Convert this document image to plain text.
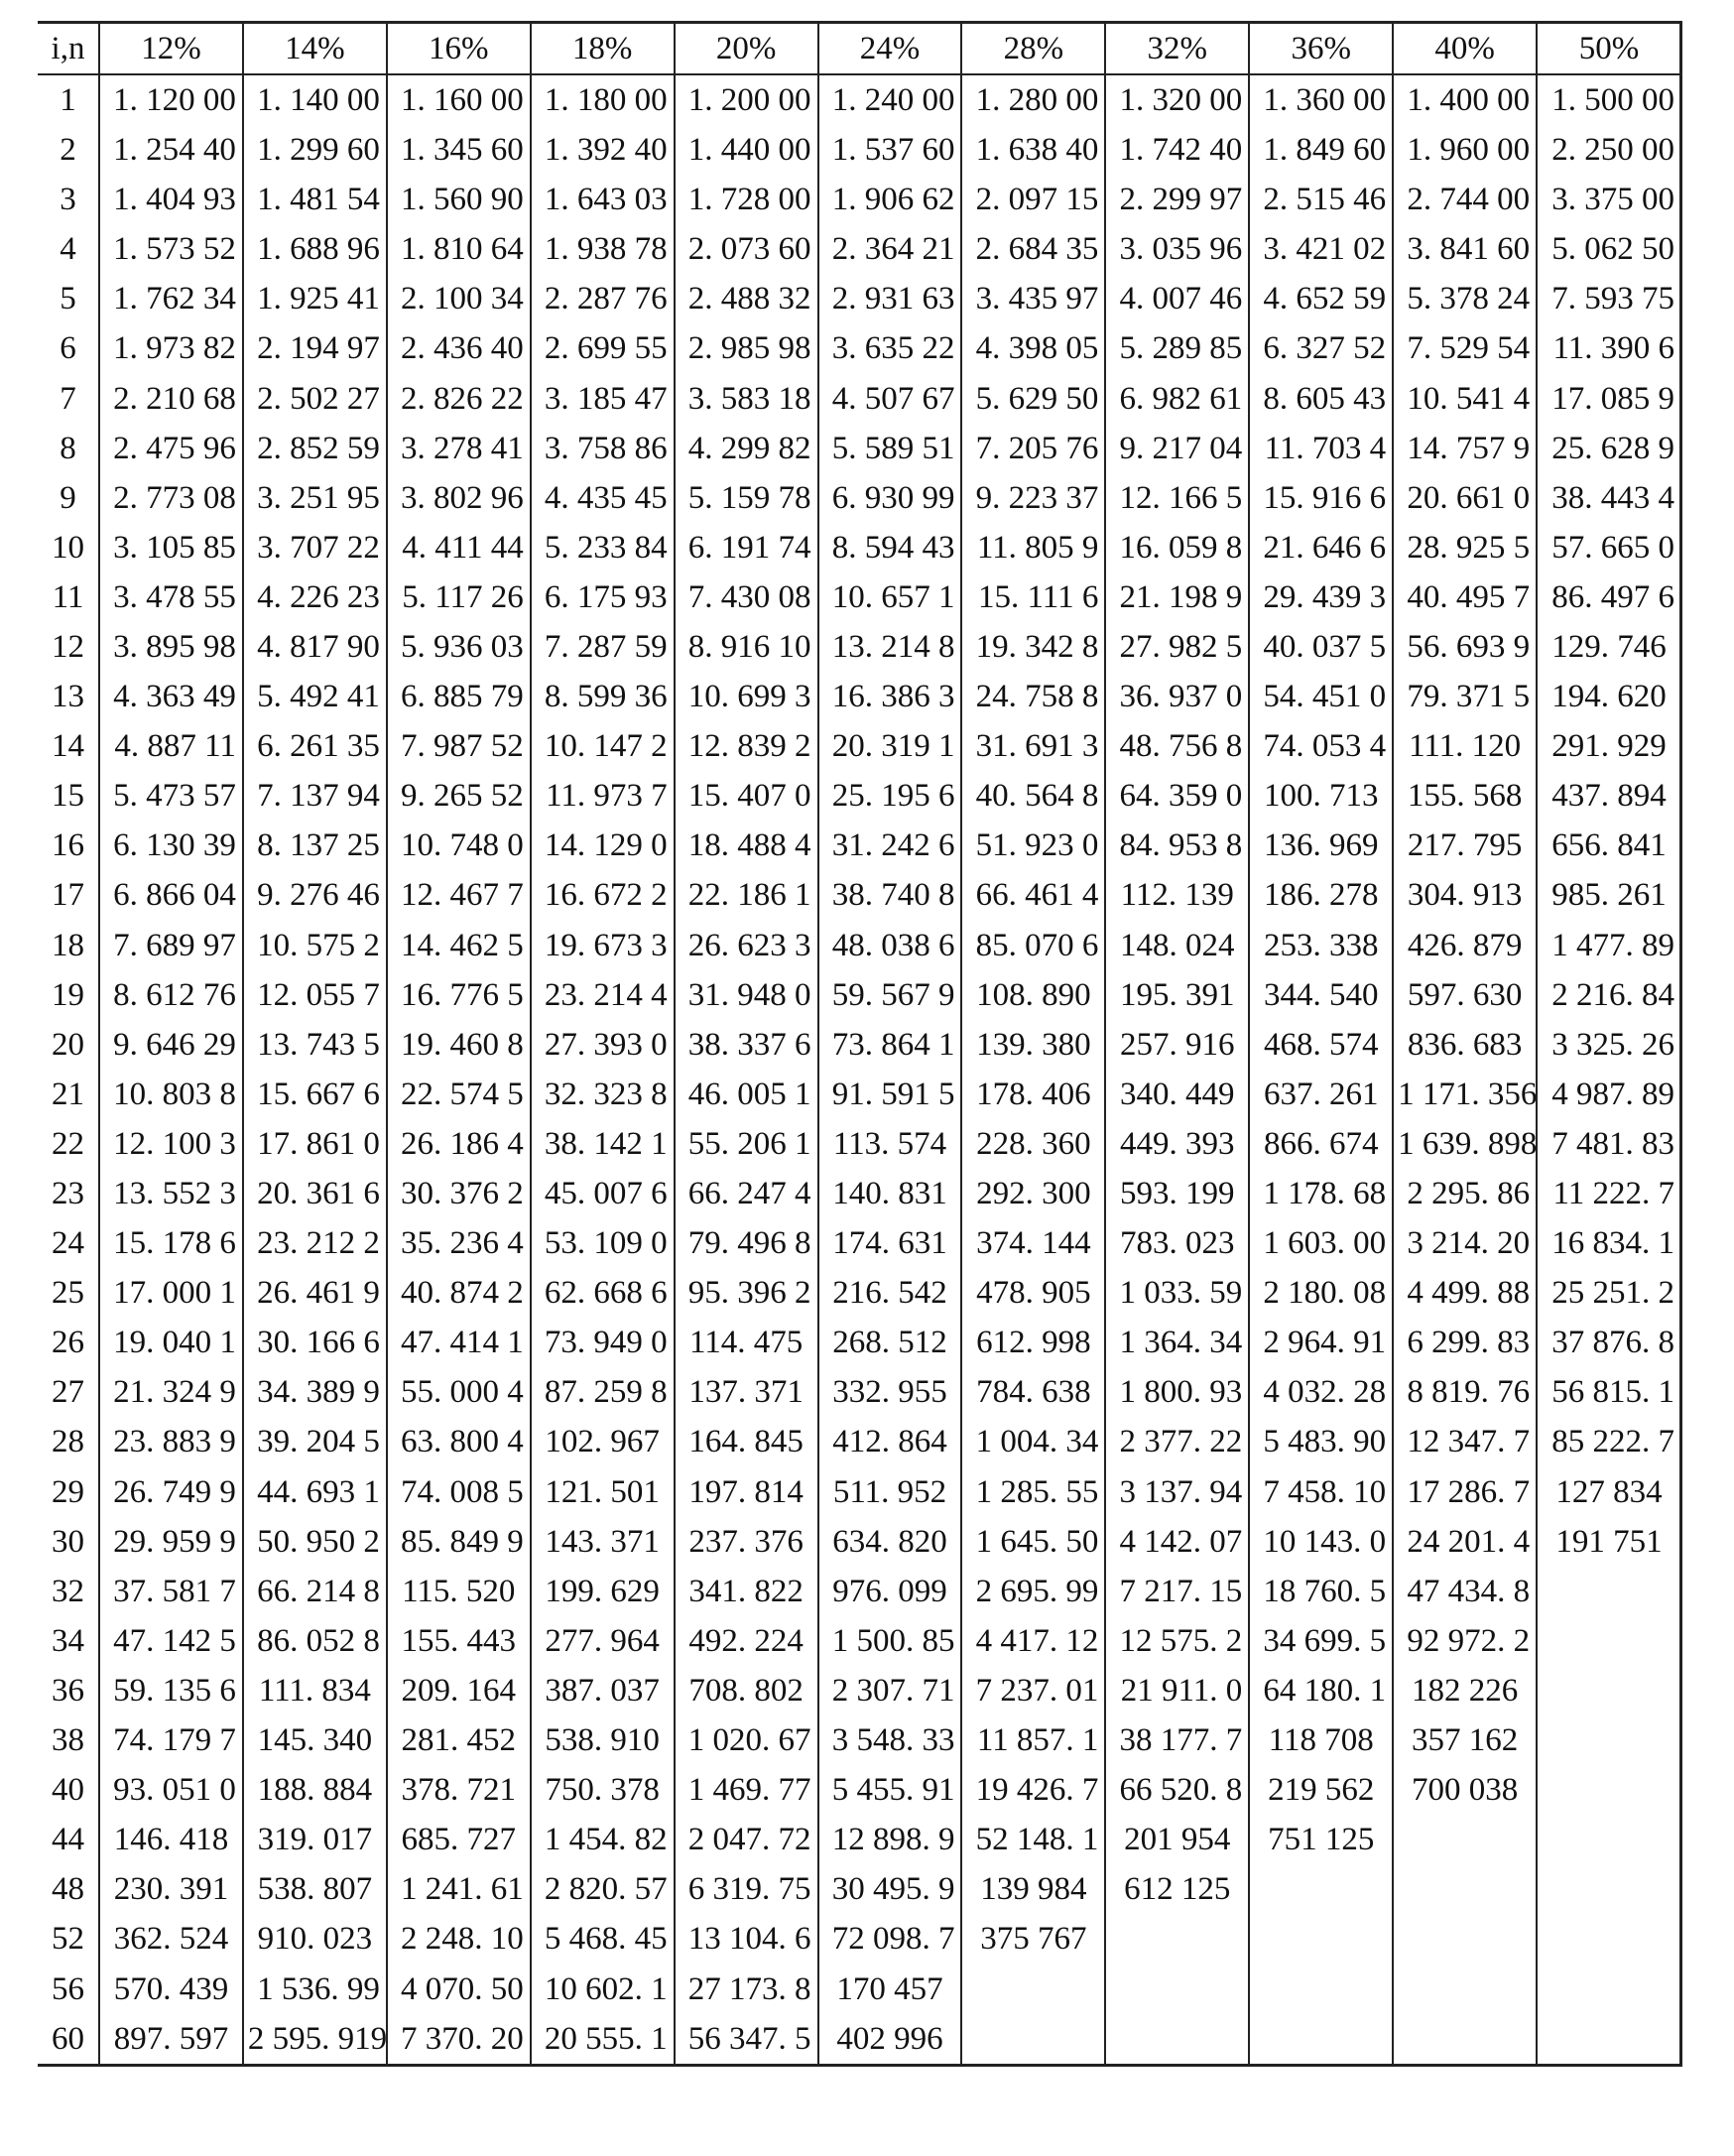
i,n	12%	14%	16%	18%	20%	24%	28%	32%	36%	40%	50%
1	1. 120 00	1. 140 00	1. 160 00	1. 180 00	1. 200 00	1. 240 00	1. 280 00	1. 320 00	1. 360 00	1. 400 00	1. 500 00
2	1. 254 40	1. 299 60	1. 345 60	1. 392 40	1. 440 00	1. 537 60	1. 638 40	1. 742 40	1. 849 60	1. 960 00	2. 250 00
3	1. 404 93	1. 481 54	1. 560 90	1. 643 03	1. 728 00	1. 906 62	2. 097 15	2. 299 97	2. 515 46	2. 744 00	3. 375 00
4	1. 573 52	1. 688 96	1. 810 64	1. 938 78	2. 073 60	2. 364 21	2. 684 35	3. 035 96	3. 421 02	3. 841 60	5. 062 50
5	1. 762 34	1. 925 41	2. 100 34	2. 287 76	2. 488 32	2. 931 63	3. 435 97	4. 007 46	4. 652 59	5. 378 24	7. 593 75
6	1. 973 82	2. 194 97	2. 436 40	2. 699 55	2. 985 98	3. 635 22	4. 398 05	5. 289 85	6. 327 52	7. 529 54	11. 390 6
7	2. 210 68	2. 502 27	2. 826 22	3. 185 47	3. 583 18	4. 507 67	5. 629 50	6. 982 61	8. 605 43	10. 541 4	17. 085 9
8	2. 475 96	2. 852 59	3. 278 41	3. 758 86	4. 299 82	5. 589 51	7. 205 76	9. 217 04	11. 703 4	14. 757 9	25. 628 9
9	2. 773 08	3. 251 95	3. 802 96	4. 435 45	5. 159 78	6. 930 99	9. 223 37	12. 166 5	15. 916 6	20. 661 0	38. 443 4
10	3. 105 85	3. 707 22	4. 411 44	5. 233 84	6. 191 74	8. 594 43	11. 805 9	16. 059 8	21. 646 6	28. 925 5	57. 665 0
11	3. 478 55	4. 226 23	5. 117 26	6. 175 93	7. 430 08	10. 657 1	15. 111 6	21. 198 9	29. 439 3	40. 495 7	86. 497 6
12	3. 895 98	4. 817 90	5. 936 03	7. 287 59	8. 916 10	13. 214 8	19. 342 8	27. 982 5	40. 037 5	56. 693 9	129. 746
13	4. 363 49	5. 492 41	6. 885 79	8. 599 36	10. 699 3	16. 386 3	24. 758 8	36. 937 0	54. 451 0	79. 371 5	194. 620
14	4. 887 11	6. 261 35	7. 987 52	10. 147 2	12. 839 2	20. 319 1	31. 691 3	48. 756 8	74. 053 4	111. 120	291. 929
15	5. 473 57	7. 137 94	9. 265 52	11. 973 7	15. 407 0	25. 195 6	40. 564 8	64. 359 0	100. 713	155. 568	437. 894
16	6. 130 39	8. 137 25	10. 748 0	14. 129 0	18. 488 4	31. 242 6	51. 923 0	84. 953 8	136. 969	217. 795	656. 841
17	6. 866 04	9. 276 46	12. 467 7	16. 672 2	22. 186 1	38. 740 8	66. 461 4	112. 139	186. 278	304. 913	985. 261
18	7. 689 97	10. 575 2	14. 462 5	19. 673 3	26. 623 3	48. 038 6	85. 070 6	148. 024	253. 338	426. 879	1 477. 89
19	8. 612 76	12. 055 7	16. 776 5	23. 214 4	31. 948 0	59. 567 9	108. 890	195. 391	344. 540	597. 630	2 216. 84
20	9. 646 29	13. 743 5	19. 460 8	27. 393 0	38. 337 6	73. 864 1	139. 380	257. 916	468. 574	836. 683	3 325. 26
21	10. 803 8	15. 667 6	22. 574 5	32. 323 8	46. 005 1	91. 591 5	178. 406	340. 449	637. 261	1 171. 356	4 987. 89
22	12. 100 3	17. 861 0	26. 186 4	38. 142 1	55. 206 1	113. 574	228. 360	449. 393	866. 674	1 639. 898	7 481. 83
23	13. 552 3	20. 361 6	30. 376 2	45. 007 6	66. 247 4	140. 831	292. 300	593. 199	1 178. 68	2 295. 86	11 222. 7
24	15. 178 6	23. 212 2	35. 236 4	53. 109 0	79. 496 8	174. 631	374. 144	783. 023	1 603. 00	3 214. 20	16 834. 1
25	17. 000 1	26. 461 9	40. 874 2	62. 668 6	95. 396 2	216. 542	478. 905	1 033. 59	2 180. 08	4 499. 88	25 251. 2
26	19. 040 1	30. 166 6	47. 414 1	73. 949 0	114. 475	268. 512	612. 998	1 364. 34	2 964. 91	6 299. 83	37 876. 8
27	21. 324 9	34. 389 9	55. 000 4	87. 259 8	137. 371	332. 955	784. 638	1 800. 93	4 032. 28	8 819. 76	56 815. 1
28	23. 883 9	39. 204 5	63. 800 4	102. 967	164. 845	412. 864	1 004. 34	2 377. 22	5 483. 90	12 347. 7	85 222. 7
29	26. 749 9	44. 693 1	74. 008 5	121. 501	197. 814	511. 952	1 285. 55	3 137. 94	7 458. 10	17 286. 7	127 834
30	29. 959 9	50. 950 2	85. 849 9	143. 371	237. 376	634. 820	1 645. 50	4 142. 07	10 143. 0	24 201. 4	191 751
32	37. 581 7	66. 214 8	115. 520	199. 629	341. 822	976. 099	2 695. 99	7 217. 15	18 760. 5	47 434. 8	
34	47. 142 5	86. 052 8	155. 443	277. 964	492. 224	1 500. 85	4 417. 12	12 575. 2	34 699. 5	92 972. 2	
36	59. 135 6	111. 834	209. 164	387. 037	708. 802	2 307. 71	7 237. 01	21 911. 0	64 180. 1	182 226	
38	74. 179 7	145. 340	281. 452	538. 910	1 020. 67	3 548. 33	11 857. 1	38 177. 7	118 708	357 162	
40	93. 051 0	188. 884	378. 721	750. 378	1 469. 77	5 455. 91	19 426. 7	66 520. 8	219 562	700 038	
44	146. 418	319. 017	685. 727	1 454. 82	2 047. 72	12 898. 9	52 148. 1	201 954	751 125		
48	230. 391	538. 807	1 241. 61	2 820. 57	6 319. 75	30 495. 9	139 984	612 125			
52	362. 524	910. 023	2 248. 10	5 468. 45	13 104. 6	72 098. 7	375 767				
56	570. 439	1 536. 99	4 070. 50	10 602. 1	27 173. 8	170 457					
60	897. 597	2 595. 919	7 370. 20	20 555. 1	56 347. 5	402 996					
